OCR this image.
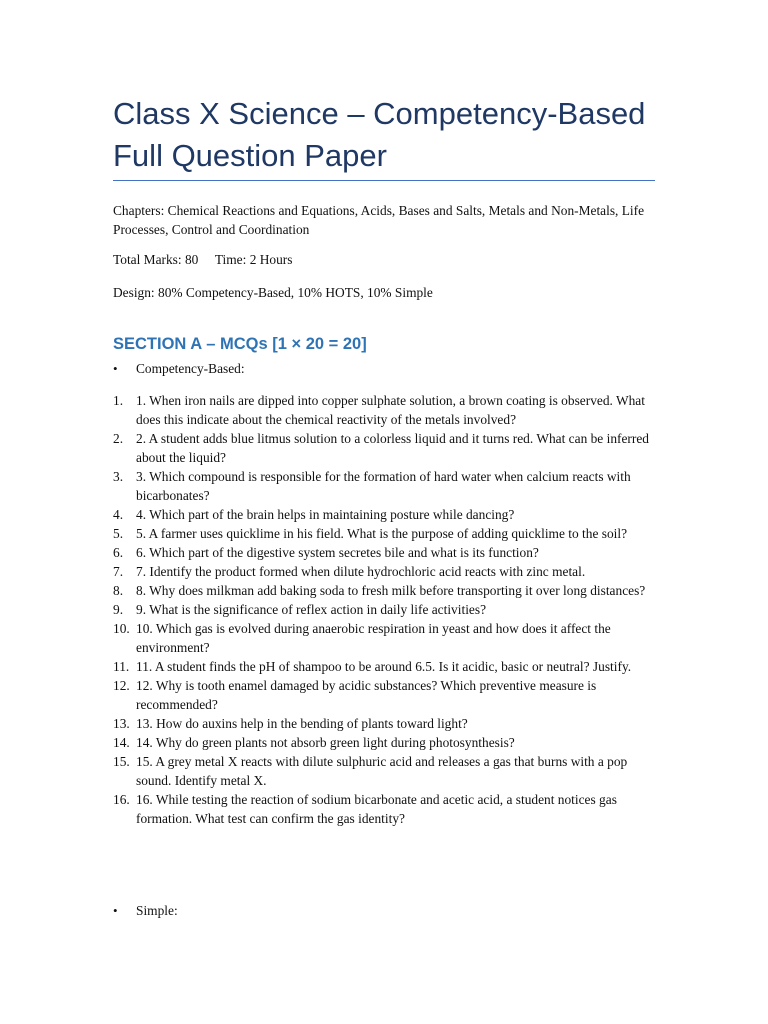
Class X Science – Competency-Based Full Question Paper

Chapters: Chemical Reactions and Equations, Acids, Bases and Salts, Metals and Non-Metals, Life Processes, Control and Coordination

Total Marks: 80     Time: 2 Hours

Design: 80% Competency-Based, 10% HOTS, 10% Simple

SECTION A – MCQs [1 × 20 = 20]
• Competency-Based:
1. 1. When iron nails are dipped into copper sulphate solution, a brown coating is observed. What does this indicate about the chemical reactivity of the metals involved?
2. 2. A student adds blue litmus solution to a colorless liquid and it turns red. What can be inferred about the liquid?
3. 3. Which compound is responsible for the formation of hard water when calcium reacts with bicarbonates?
4. 4. Which part of the brain helps in maintaining posture while dancing?
5. 5. A farmer uses quicklime in his field. What is the purpose of adding quicklime to the soil?
6. 6. Which part of the digestive system secretes bile and what is its function?
7. 7. Identify the product formed when dilute hydrochloric acid reacts with zinc metal.
8. 8. Why does milkman add baking soda to fresh milk before transporting it over long distances?
9. 9. What is the significance of reflex action in daily life activities?
10. 10. Which gas is evolved during anaerobic respiration in yeast and how does it affect the environment?
11. 11. A student finds the pH of shampoo to be around 6.5. Is it acidic, basic or neutral? Justify.
12. 12. Why is tooth enamel damaged by acidic substances? Which preventive measure is recommended?
13. 13. How do auxins help in the bending of plants toward light?
14. 14. Why do green plants not absorb green light during photosynthesis?
15. 15. A grey metal X reacts with dilute sulphuric acid and releases a gas that burns with a pop sound. Identify metal X.
16. 16. While testing the reaction of sodium bicarbonate and acetic acid, a student notices gas formation. What test can confirm the gas identity?
• Simple:
